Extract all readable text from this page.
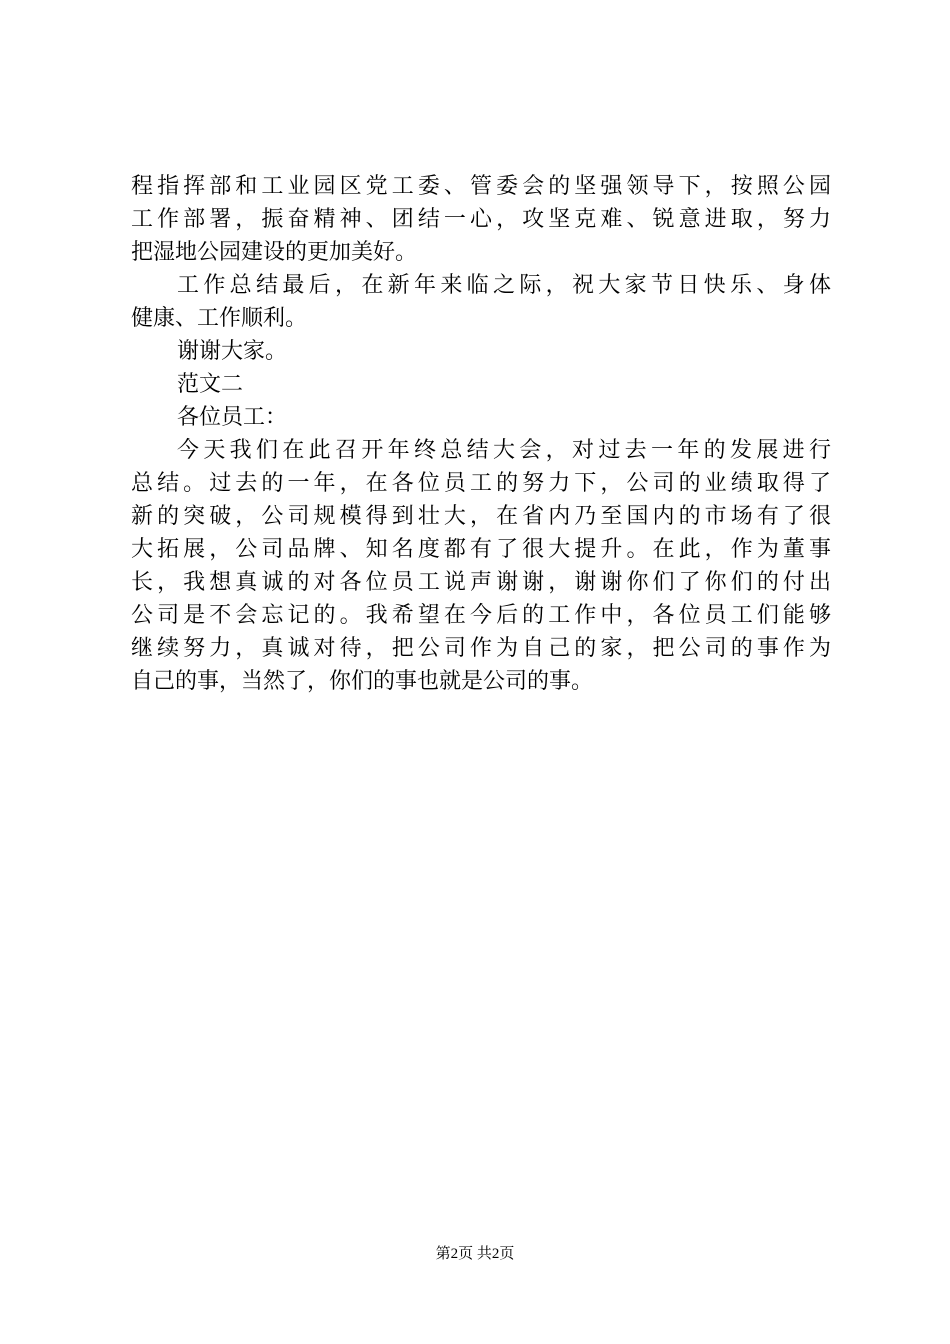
程指挥部和工业园区党工委、管委会的坚强领导下，按照公园
工作部署，振奋精神、团结一心，攻坚克难、锐意进取，努力
把湿地公园建设的更加美好。
工作总结最后，在新年来临之际，祝大家节日快乐、身体
健康、工作顺利。
谢谢大家。
范文二
各位员工：
今天我们在此召开年终总结大会，对过去一年的发展进行
总结。过去的一年，在各位员工的努力下，公司的业绩取得了
新的突破，公司规模得到壮大，在省内乃至国内的市场有了很
大拓展，公司品牌、知名度都有了很大提升。在此，作为董事
长，我想真诚的对各位员工说声谢谢，谢谢你们了你们的付出
公司是不会忘记的。我希望在今后的工作中，各位员工们能够
继续努力，真诚对待，把公司作为自己的家，把公司的事作为
自己的事，当然了，你们的事也就是公司的事。
第2页 共2页
